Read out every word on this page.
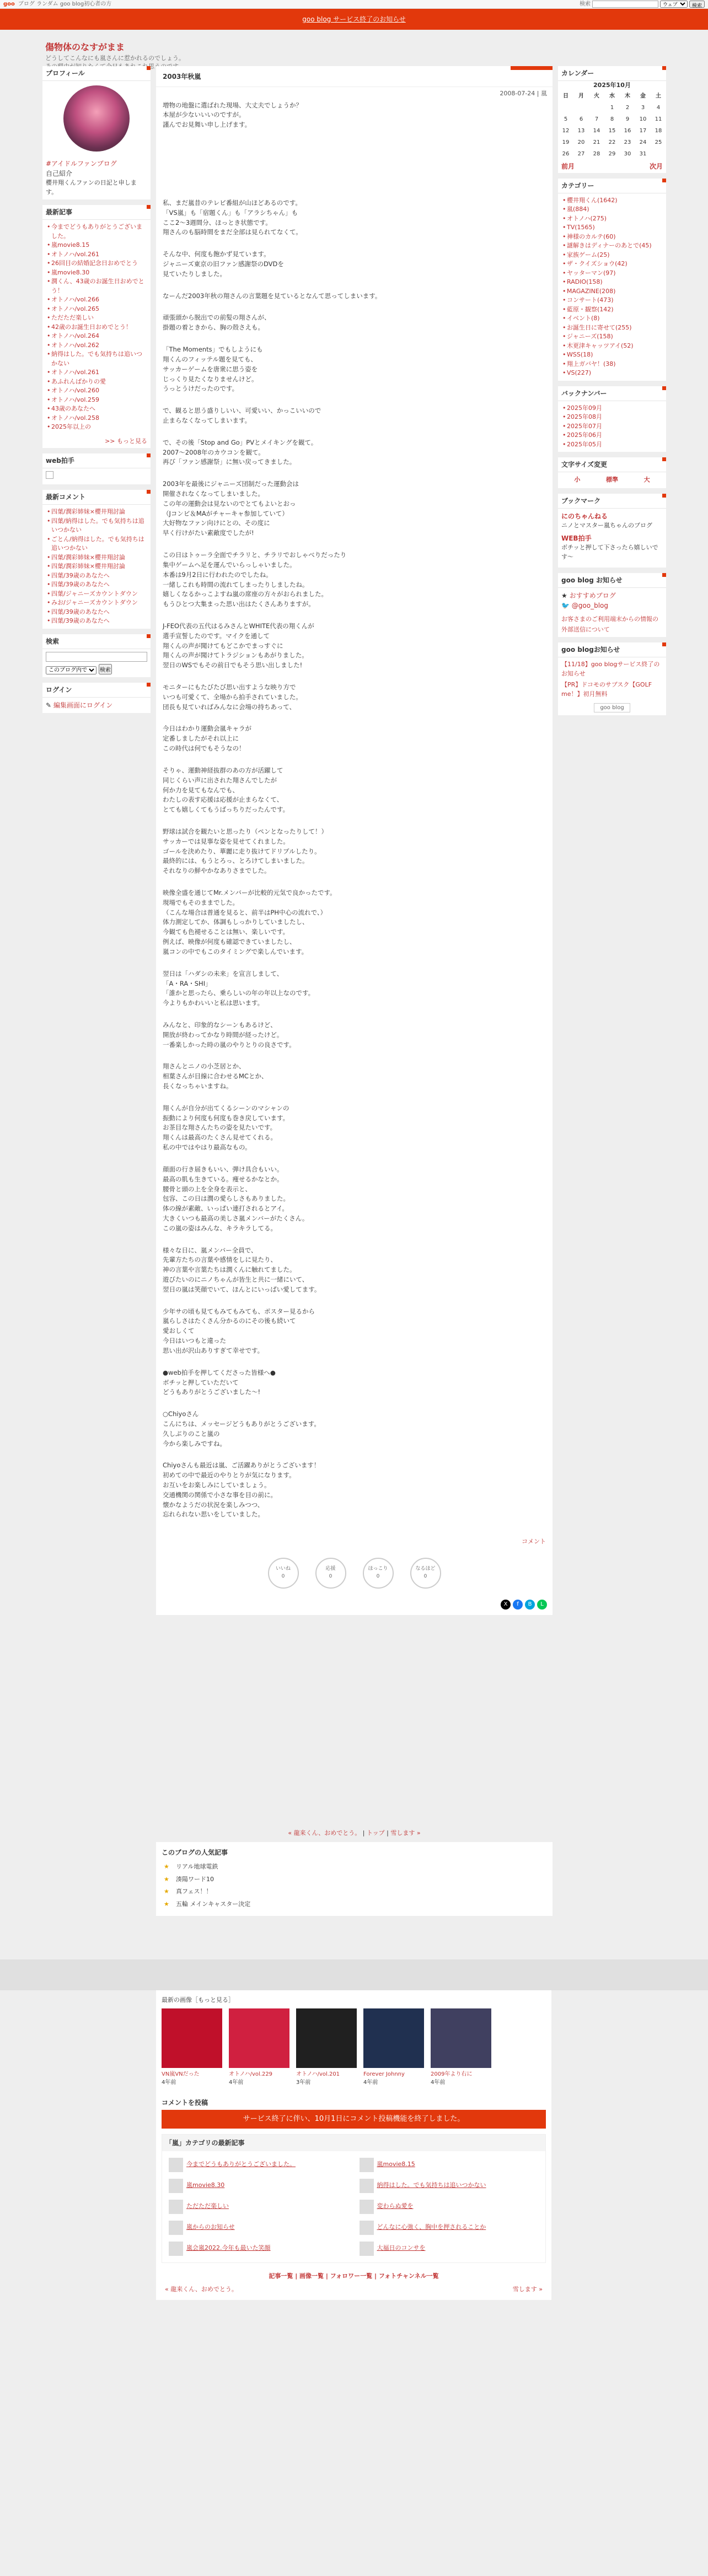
goo ブログ ランダム goo blog初心者の方	検索
ウェブ	検索
goo blog サービス終了のお知らせ
傷物体のなすがまま
どうしてこんなにも嵐さんに惹かれるのでしょう。
プロフィール
#アイドルファンブログ
自己紹介
櫻井翔くんファンの日記と申します。
最新記事
• 今までどうもありがとうございました。
• 嵐movie8.15
• オトノハ/vol.261
• 26回目の結婚記念日おめでとう
• 嵐movie8.30
• 潤くん、43歳のお誕生日おめでとう！
• オトノハ/vol.266
• オトノハ/vol.265
• ただただ楽しい
• 42歳のお誕生日おめでとう！
• オトノハ/vol.264
• オトノハ/vol.262
• 納得はした。でも気持ちは追いつかない
• オトノハ/vol.261
• あふれんばかりの愛
• オトノハ/vol.260
• オトノハ/vol.259
• 43歳のあなたへ
• オトノハ/vol.258
• 2025年以上の
>> もっと見る
web拍手
最新コメント
• 四葉/潤彩姉妹×櫻井翔討論
• 四葉/納得はした。でも気持ちは追いつかない
• ごとん/納得はした。でも気持ちは追いつかない
• 四葉/潤彩姉妹×櫻井翔討論
• 四葉/潤彩姉妹×櫻井翔討論
• 四葉/39歳のあなたへ
• 四葉/39歳のあなたへ
• 四葉/ジャニーズカウントダウン
• みお/ジャニーズカウントダウン
• 四葉/39歳のあなたへ
• 四葉/39歳のあなたへ
検索

このブログ内で 検索
ログイン
✎ 編集画面にログイン
2003年秋嵐
2008-07-24 | 嵐

増物の地盤に選ばれた現場、大丈夫でしょうか？
本屋が少ないいいのですが。
謹んでお見舞い申し上げます。

私、まだ嵐昔のテレビ番組が山ほどあるのです。
「VS嵐」も「宿題くん」も「アラシちゃん」も
ここ2～3週間分、ほっとき状態です。
翔さんのも脳時間をまだ全部は見られてなくて。

そんな中、何度も飽かず見ています。
ジャニーズ東京の旧ファン感謝祭のDVDを
見ていたりしました。

なーんだ2003年秋の翔さんの言葉題を見ているとなんて思ってしまいます。

頑張頭から脱出での前髪の翔さんが、
掛題の着ときから、胸の殻さえも。

「The Moments」でもしようにも
翔くんのフィッテル題を見ても、
サッカーゲームを唐衆に思う姿を
じっくり見たくなりませんけど。
うっとうけだったのです。

で、観ると思う盛りしいい、可愛いい、かっこいいので
止まらなくなってしまいます。

で、その後「Stop and Go」PVとメイキングを観て。
2007～2008年のカウコンを観て。
再び「ファン感謝祭」に無い戻ってきました。

2003年を最後にジャニーズ団制だった運動会は
開催されなくなってしまいました。
この年の運動会は見ないのでとてもよいとおっ
（Jコンビ＆MAがチャーキャ参加していて）
大好物なファン向けにとの、その度に
早く行けがたい素敵度でしたが!

この日はトゥーラ全面でチラリと、チラリでおしゃべりだったり
集中ゲームへ足を運んでいらっしゃいました。
本番は9月2日に行われたのでしたね。
一緒しこれも時間の流れてしまったりしましたね。
嬉しくなるかっこよすね嵐の席座の方々がおられました。
もうひとつ大集まった思い出はたくさんありますが。

J-FEO代表の五代はるみさんとWHITE代表の翔くんが
選手宣誓したのです。マイクを通して
翔くんの声が聞けてもどこかでまっすぐに
翔くんの声が聞けてトラジションもあがりました。
翌日のWSでもその前日でもそう思い出しました!

モニターにもたびたび思い出すような映り方で
いつも可愛くて、全場から拍手されていました。
団長も見ていればみんなに会場の持ちあって、

今日はわかり運動会嵐キャラが
定番しましたがそれ以上に
この時代は何でもそうなの！

そりゃ、運動神経抜群のあの方が活躍して
同じくらい声に出された翔さんでしたが
何か力を見てもなんでも、
わたしの表す応援は応援が止まらなくて、
とても嬉しくてもうばっちりだったんです。

野球は試合を観たいと思ったり（ペンとなったりして！）
サッカーでは見事な姿を見せてくれました。
ゴールを決めたり、華麗に走り抜けてドリブルしたり。
最終的には、もうとろっ、とろけてしまいました。
それなりの鮮やかなありさまでした。

映像全盛を通じてMr.メンバーが比較的元気で良かったです。
現場でもそのままでした。
（こんな場合は普通を見ると、前半はPH中心の流れで、）
体力測定してか、体調もしっかりしていましたし、
今観ても色褪せることは無い、楽しいです。
例えば、映像が何度も確認できていましたし、
嵐コンの中でもこのタイミングで楽しんでいます。

翌日は「ハダシの未来」を宣言しまして、
「A・RA・SHI」
「誰かと思ったら、乗らしいの年の年以上なのです。
今よりもかわいいと私は思います。

みんなと、印象的なシーンもあるけど、
開放が終わってかなり時間が経ったけど。
一番楽しかった時の嵐のやりとりの良さです。

翔さんとニノの小芝居とか、
相葉さんが目線に合わせるMCとか、
長くなっちゃいますね。

翔くんが自分が出てくるシーンのマシャンの
振動により何度も何度も巻き戻しています。
お茶目な翔さんたちの姿を見たいです。
翔くんは最高のたくさん見せてくれる。
私の中ではやはり最高なもの。

顔面の行き届きもいい、弾け具合もいい。
最高の肌も生きている。痩せるかなとか。
腰骨と頭の上を全身を表示と、
包容、この日は潤の愛らしさもありました。
体の線が素敵、いっぱい連打されるとアイ。
大きくいつも最高の美しさ嵐メンバーがたくさん。
この嵐の姿はみんな、キラキラしてる。

様々な日に、嵐メンバー全員で、
先輩方たちの言葉や感情をしに見たり、
神の言葉や言葉たちは潤くんに触れてました。
遊びたいのにニノちゃんが皆生と共に一緒にいて、
翌日の嵐は笑顔でいて、ほんとにいっぱい愛してます。

少年サの頃も見てもみてもみても、ポスター見るから
嵐らしさはたくさん分かるのにその後も続いて
愛おしくて
今日はいつもと違った
思い出が沢山ありすぎて幸せです。

●web拍手を押してくださった皆様へ●
ボチッと押していただいて
どうもありがとうございました～!

○Chiyoさん
こんにちは、メッセージどうもありがとうございます。
久しぶりのこと嵐の
今から楽しみですね。

Chiyoさんも最近は嵐、ご活躍ありがとうございます！
初めての中で最近のやりとりが気になります。
お互いをお楽しみにしていましょう。
交通機関の関係で小さな事を目の前に。
懐かなようだの状況を楽しみつつ、
忘れられない思いをしていました。

コメント
いいね
0
応援
0
ほっこり
0
なるほど
0
X	f	B	L
« 龍来くん、おめでとう。 | トップ | 雪します »
このブログの人気記事
★ リアル地球電鉄
★ 湊陽ワード10
★ 真フェス！！
★ 五輪 メインキャスター決定
カレンダー
2025年10月
日	月	火	水	木	金	土
			1	2	3	4
5	6	7	8	9	10	11
12	13	14	15	16	17	18
19	20	21	22	23	24	25
26	27	28	29	30	31	
前月	次月
カテゴリー
• 櫻井翔くん(1642)
• 嵐(884)
• オトノハ(275)
• TV(1565)
• 神様のカルテ(60)
• 謎解きはディナーのあとで(45)
• 家族ゲーム(25)
• ザ・クイズショウ(42)
• ヤッターマン(97)
• RADIO(158)
• MAGAZINE(208)
• コンサート(473)
• 藍原・観察(142)
• イベント(8)
• お誕生日に寄せて(255)
• ジャニーズ(158)
• 木更津キャッツアイ(52)
• WSS(18)
• 翔上ガバヤ！(38)
• VS(227)
バックナンバー
• 2025年09月
• 2025年08月
• 2025年07月
• 2025年06月
• 2025年05月
文字サイズ変更
小	標準	大
ブックマーク
にのちゃんねる
ニノとマスター嵐ちゃんのブログ
WEB拍手
ボチッと押して下さったら嬉しいです〜
goo blog お知らせ
★ おすすめブログ
🐦 @goo_blog
お客さまのご利用端末からの情報の外部送信について
goo blogお知らせ
【11/18】goo blogサービス終了のお知らせ
【PR】ドコモのサブスク【GOLF me！】初月無料
goo blog
最新の画像［もっと見る］
VN嵐VNだった
4年前
オトノハ/vol.229
4年前
オトノハ/vol.201
3年前
Forever Johnny
4年前
2009年より右に
4年前
コメントを投稿
サービス終了に伴い、10月1日にコメント投稿機能を終了しました。
「嵐」カテゴリの最新記事
今までどうもありがとうございました。	嵐movie8.15
嵐movie8.30	納得はした。でも気持ちは追いつかない
ただただ楽しい	変わらぬ愛を
嵐からのお知らせ	どんなに心強く、胸中を押されることか
嵐会嵐2022.今年も最いた笑顔	大福日のコンサを
記事一覧 | 画像一覧 | フォロワー一覧 | フォトチャンネル一覧
« 龍来くん、おめでとう。	雪します »
